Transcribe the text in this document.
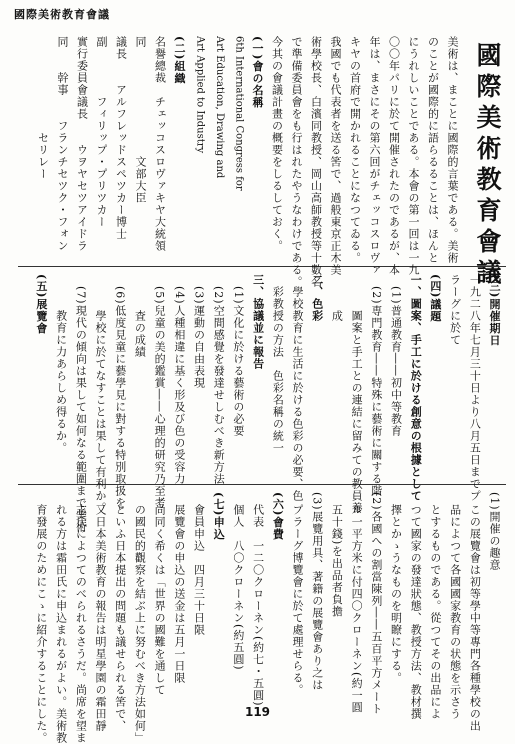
國際美術教育會議
國際美術教育會議
美術は、まことに國際的言葉である。美術
のことが國際的に語らるることは、ほんと
にうれしいことである。本會の第一回は一九
〇〇年パリに於て開催されたのであるが、本
年は、まさにその第六回がチェッコスロヴァ
キヤの首府で開かれることになつてゐる。
我國でも代表者を送る筈で、過般東京正木美
術學校長、白濱同教授、岡山高師教授等十數名
で準備委員會をも行はれたやうなわけである。
今其の會議計畫の概要をしるしておく。
(一)會の名稱
6th International Congress for
Art Education, Drawing and
Art Applied to Industry
(二)組織
名譽總裁　チェッコスロヴァキヤ大統領
同　　　　　　　　　文部大臣
議長　　アルフレッドスペツカー博士
副　　　　フィリップ・プリツカー
實行委員會議長　　ウヲヤセツアイドラ
同　　幹事　　フランチセツク・フォン
　　　　　　　　セリレー
(三)開催期日
一九二八年七月三十日より八月五日までプ
ラーグに於て
(四)議題
一、圖案、手工に於ける創意の根據として
　(1)普通教育――初中等教育
　(2)専門教育――特殊に藝術に關する階
　　　圖案と手工との連結に留みての教員養
　　　成
二、色彩
　學校教育に生活に於ける色彩の必要、色
　彩教授の方法　色彩名稱の統一
三、協議並に報告
　(1)文化に於ける藝術の必要
　(2)空間感覺を發達せしむべき新方法
　(3)運動の自由表現
　(4)人種相違に基く形及び色の受容力
　(5)兒童の美的鑑賞――心理的研究乃至考
　　　査の成績
　(6)低度見童に藝學見に對する特別取扱を
　　　學校に於てなすことは果して有利か。
　(7)現代の傾向は果して如何なる範圍まで美術
　　　教育に力あらしめ得るか。
(五)展覽會
(1)開催の趣意
　この展覽會は初等學中等專門各種學校の出
　品によつて各國國家教育の状態を示さう
　とするものである。從つてその出品によ
　つて國家の發達狀態、教授方法、教材撰
　擇とかゝうなものを明瞭にする。
(2)各國への割當陳列――五百平方メート
　ル一平方米に付四〇クローネン(約一圓
　五十錢)を出品者負擔
(3)展覽用具、著籍の展覽會あり之は
　プラーグ博覽會に於て處理せらる。
(六)會費
　代表　一二〇クローネン(約七・五圓)
　個人　八〇クローネン(約五圓)
(七)申込
　會員申込　四月三十日限
　展覽會の申込の送金は五月一日限
　尚同く希くは「世界の國難を通して
　の國民的觀察を結ぶ上に努むべき方法如何」
　といふ日本提出の問題も議せられる筈で、
　又日本美術教育の報告は明星學園の霜田靜
　志氏によつてのべられるさうだ。尚席を望ま
　れる方は霜田氏に申込まれるがよい。美術教
　育發展のためにこゝに紹介することにした。	119
